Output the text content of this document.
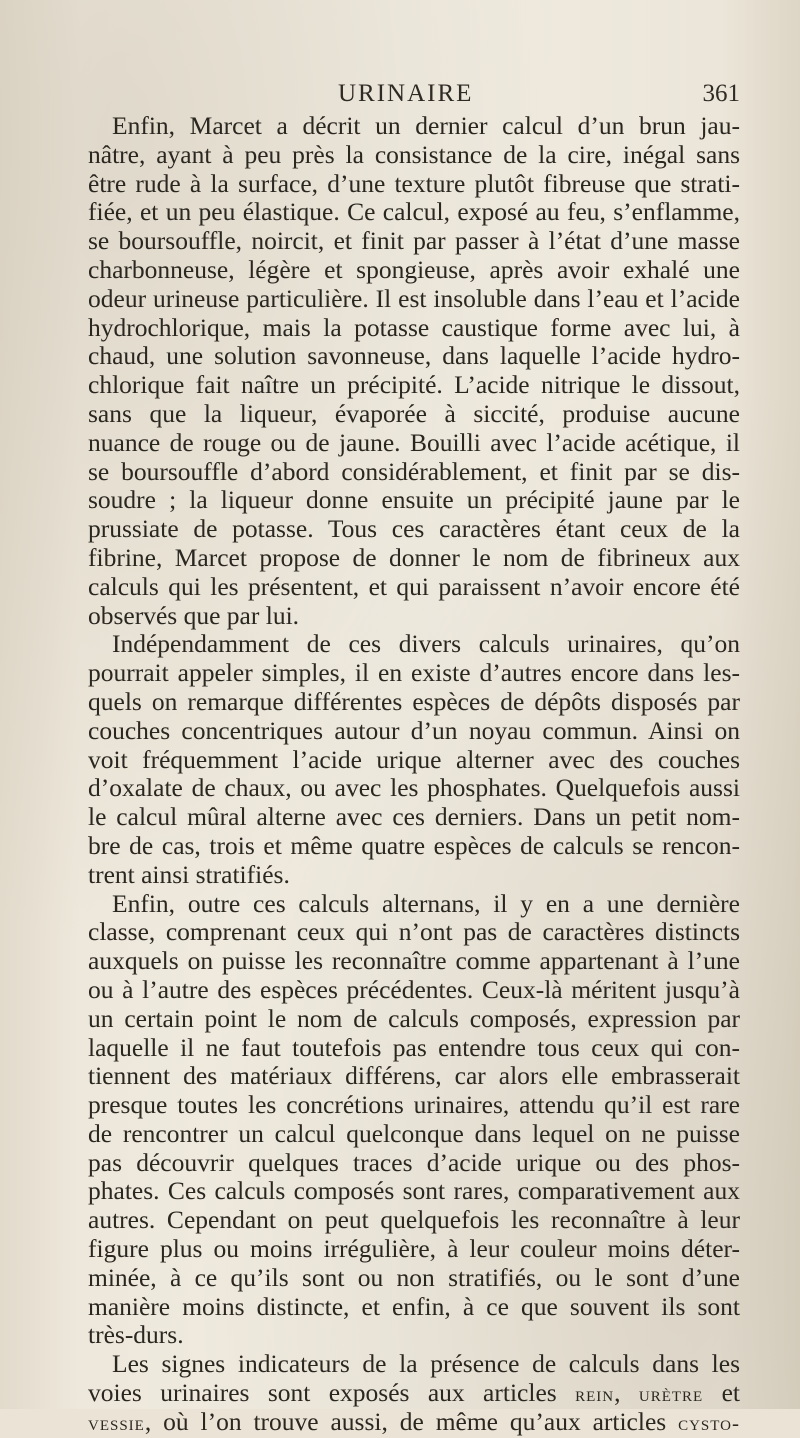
URINAIRE	361
Enfin, Marcet a décrit un dernier calcul d’un brun jau-
nâtre, ayant à peu près la consistance de la cire, inégal sans
être rude à la surface, d’une texture plutôt fibreuse que strati-
fiée, et un peu élastique. Ce calcul, exposé au feu, s’enflamme,
se boursouffle, noircit, et finit par passer à l’état d’une masse
charbonneuse, légère et spongieuse, après avoir exhalé une
odeur urineuse particulière. Il est insoluble dans l’eau et l’acide
hydrochlorique, mais la potasse caustique forme avec lui, à
chaud, une solution savonneuse, dans laquelle l’acide hydro-
chlorique fait naître un précipité. L’acide nitrique le dissout,
sans que la liqueur, évaporée à siccité, produise aucune
nuance de rouge ou de jaune. Bouilli avec l’acide acétique, il
se boursouffle d’abord considérablement, et finit par se dis-
soudre ; la liqueur donne ensuite un précipité jaune par le
prussiate de potasse. Tous ces caractères étant ceux de la
fibrine, Marcet propose de donner le nom de fibrineux aux
calculs qui les présentent, et qui paraissent n’avoir encore été
observés que par lui.
Indépendamment de ces divers calculs urinaires, qu’on
pourrait appeler simples, il en existe d’autres encore dans les-
quels on remarque différentes espèces de dépôts disposés par
couches concentriques autour d’un noyau commun. Ainsi on
voit fréquemment l’acide urique alterner avec des couches
d’oxalate de chaux, ou avec les phosphates. Quelquefois aussi
le calcul mûral alterne avec ces derniers. Dans un petit nom-
bre de cas, trois et même quatre espèces de calculs se rencon-
trent ainsi stratifiés.
Enfin, outre ces calculs alternans, il y en a une dernière
classe, comprenant ceux qui n’ont pas de caractères distincts
auxquels on puisse les reconnaître comme appartenant à l’une
ou à l’autre des espèces précédentes. Ceux-là méritent jusqu’à
un certain point le nom de calculs composés, expression par
laquelle il ne faut toutefois pas entendre tous ceux qui con-
tiennent des matériaux différens, car alors elle embrasserait
presque toutes les concrétions urinaires, attendu qu’il est rare
de rencontrer un calcul quelconque dans lequel on ne puisse
pas découvrir quelques traces d’acide urique ou des phos-
phates. Ces calculs composés sont rares, comparativement aux
autres. Cependant on peut quelquefois les reconnaître à leur
figure plus ou moins irrégulière, à leur couleur moins déter-
minée, à ce qu’ils sont ou non stratifiés, ou le sont d’une
manière moins distincte, et enfin, à ce que souvent ils sont
très-durs.
Les signes indicateurs de la présence de calculs dans les
voies urinaires sont exposés aux articles rein, urètre et
vessie, où l’on trouve aussi, de même qu’aux articles cysto-
